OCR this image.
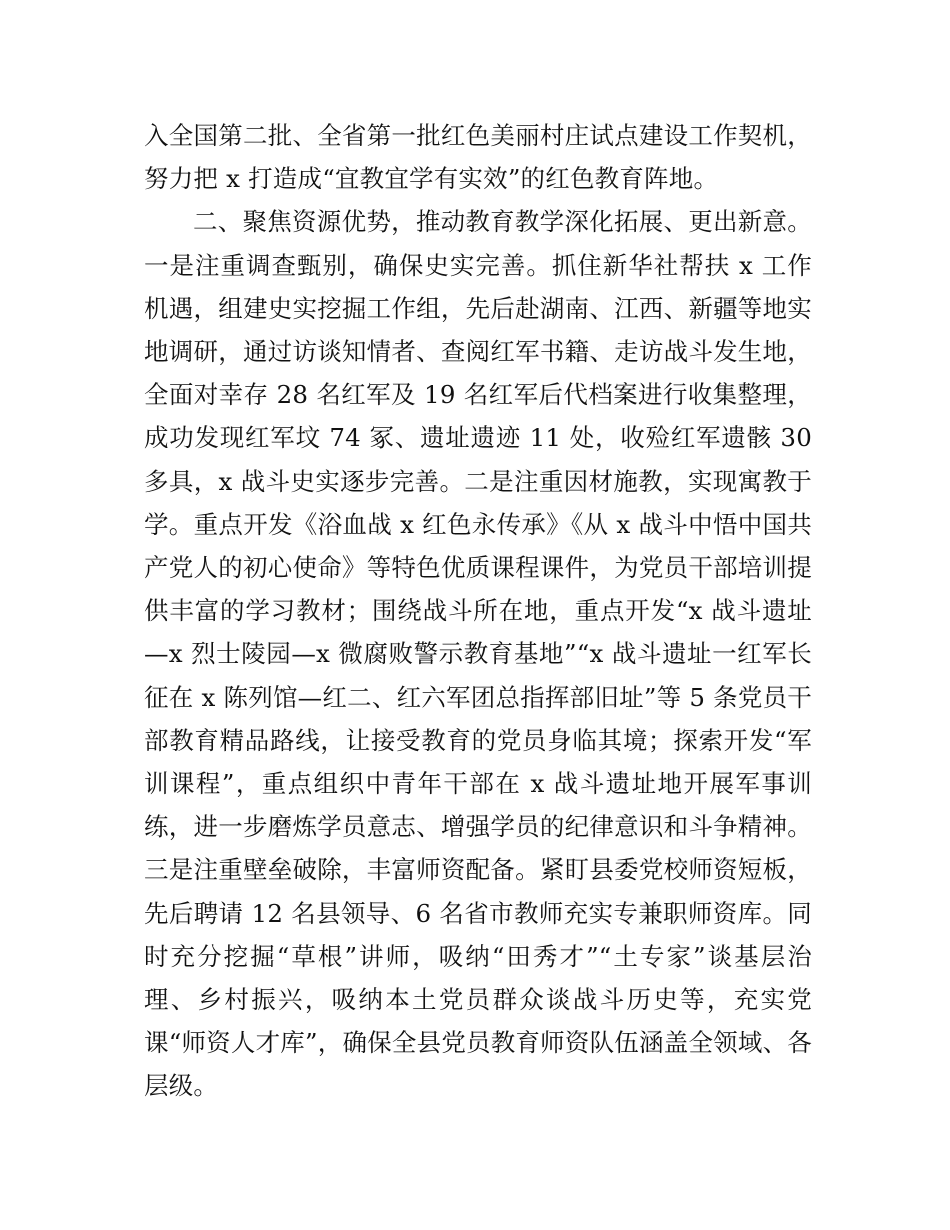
入全国第二批、全省第一批红色美丽村庄试点建设工作契机，努力把 x 打造成“宜教宜学有实效”的红色教育阵地。

二、聚焦资源优势，推动教育教学深化拓展、更出新意。一是注重调查甄别，确保史实完善。抓住新华社帮扶 x 工作机遇，组建史实挖掘工作组，先后赴湖南、江西、新疆等地实地调研，通过访谈知情者、查阅红军书籍、走访战斗发生地，全面对幸存 28 名红军及 19 名红军后代档案进行收集整理，成功发现红军坟 74 冢、遗址遗迹 11 处，收殓红军遗骸 30 多具，x 战斗史实逐步完善。二是注重因材施教，实现寓教于学。重点开发《浴血战 x 红色永传承》《从 x 战斗中悟中国共产党人的初心使命》等特色优质课程课件，为党员干部培训提供丰富的学习教材；围绕战斗所在地，重点开发“x 战斗遗址—x 烈士陵园—x 微腐败警示教育基地”“x 战斗遗址一红军长征在 x 陈列馆—红二、红六军团总指挥部旧址”等 5 条党员干部教育精品路线，让接受教育的党员身临其境；探索开发“军训课程”，重点组织中青年干部在 x 战斗遗址地开展军事训练，进一步磨炼学员意志、增强学员的纪律意识和斗争精神。三是注重壁垒破除，丰富师资配备。紧盯县委党校师资短板，先后聘请 12 名县领导、6 名省市教师充实专兼职师资库。同时充分挖掘“草根”讲师，吸纳“田秀才”“土专家”谈基层治理、乡村振兴，吸纳本土党员群众谈战斗历史等，充实党课“师资人才库”，确保全县党员教育师资队伍涵盖全领域、各层级。
